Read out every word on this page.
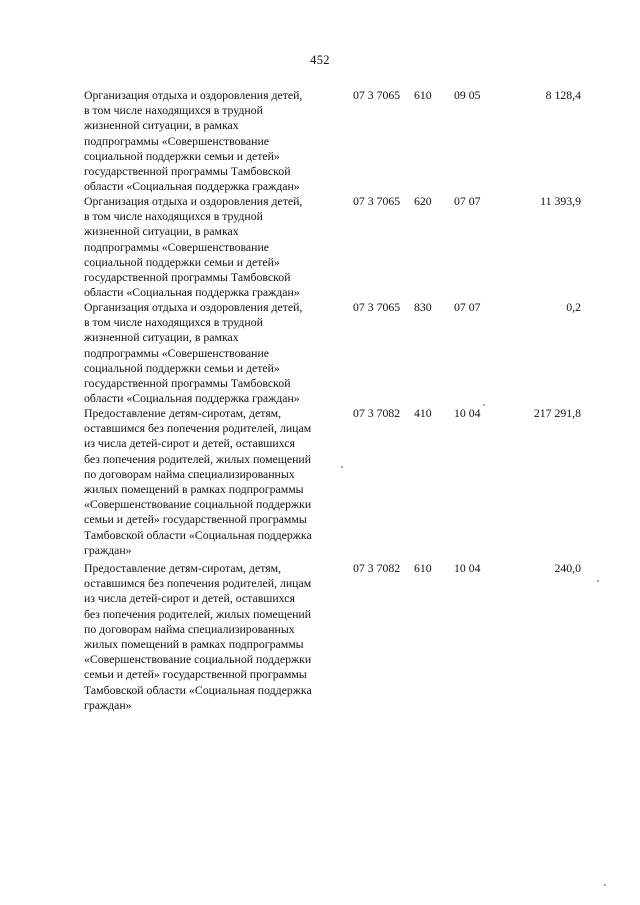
452
Организация отдыха и оздоровления детей,
в том числе находящихся в трудной
жизненной ситуации, в рамках
подпрограммы «Совершенствование
социальной поддержки семьи и детей»
государственной программы Тамбовской
области «Социальная поддержка граждан»
07 3 7065 610 09 05	8 128,4
Организация отдыха и оздоровления детей,
в том числе находящихся в трудной
жизненной ситуации, в рамках
подпрограммы «Совершенствование
социальной поддержки семьи и детей»
государственной программы Тамбовской
области «Социальная поддержка граждан»
07 3 7065 620 07 07	11 393,9
Организация отдыха и оздоровления детей,
в том числе находящихся в трудной
жизненной ситуации, в рамках
подпрограммы «Совершенствование
социальной поддержки семьи и детей»
государственной программы Тамбовской
области «Социальная поддержка граждан»
07 3 7065 830 07 07	0,2
Предоставление детям-сиротам, детям,
оставшимся без попечения родителей, лицам
из числа детей-сирот и детей, оставшихся
без попечения родителей, жилых помещений
по договорам найма специализированных
жилых помещений в рамках подпрограммы
«Совершенствование социальной поддержки
семьи и детей» государственной программы
Тамбовской области «Социальная поддержка
граждан»
07 3 7082 410 10 04	217 291,8
Предоставление детям-сиротам, детям,
оставшимся без попечения родителей, лицам
из числа детей-сирот и детей, оставшихся
без попечения родителей, жилых помещений
по договорам найма специализированных
жилых помещений в рамках подпрограммы
«Совершенствование социальной поддержки
семьи и детей» государственной программы
Тамбовской области «Социальная поддержка
граждан»
07 3 7082 610 10 04	240,0
